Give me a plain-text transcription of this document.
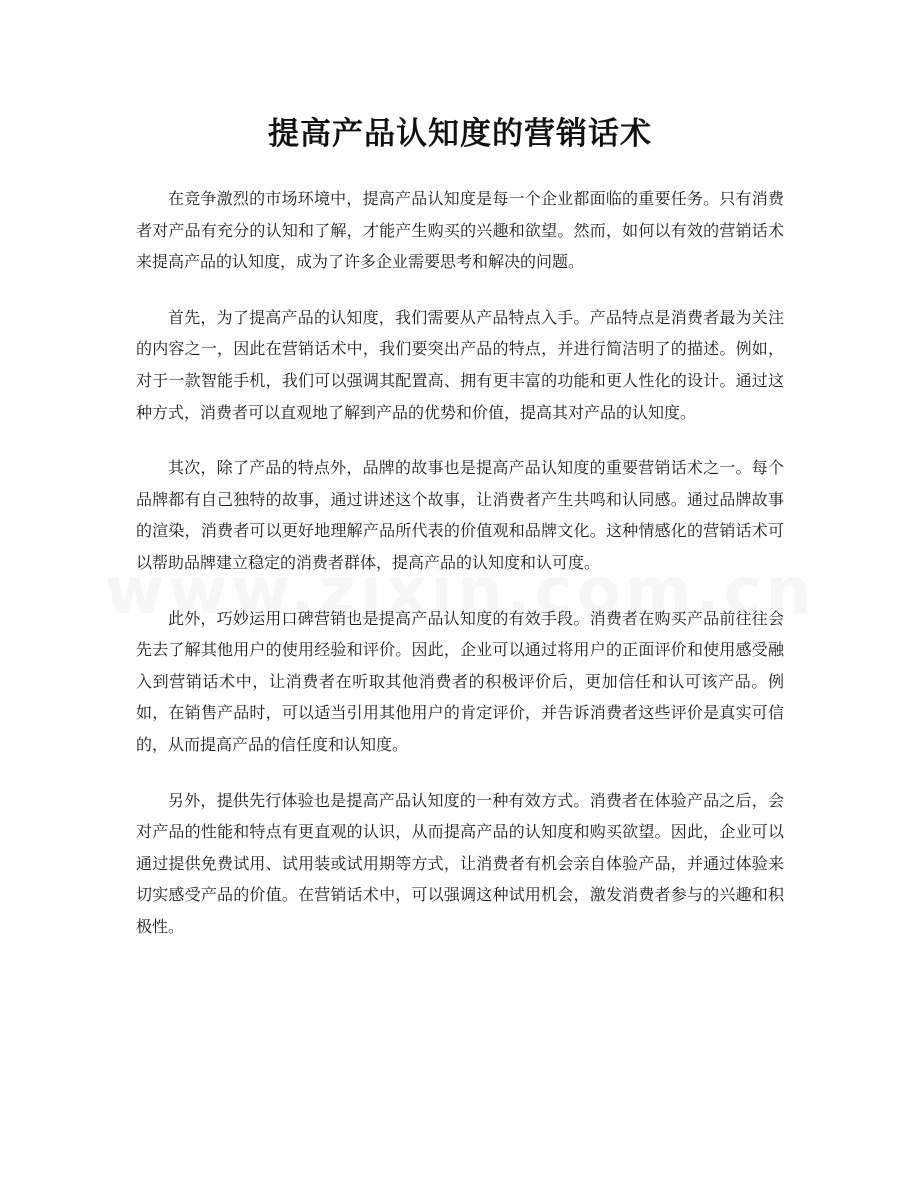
提高产品认知度的营销话术

在竞争激烈的市场环境中，提高产品认知度是每一个企业都面临的重要任务。只有消费者对产品有充分的认知和了解，才能产生购买的兴趣和欲望。然而，如何以有效的营销话术来提高产品的认知度，成为了许多企业需要思考和解决的问题。

首先，为了提高产品的认知度，我们需要从产品特点入手。产品特点是消费者最为关注的内容之一，因此在营销话术中，我们要突出产品的特点，并进行简洁明了的描述。例如，对于一款智能手机，我们可以强调其配置高、拥有更丰富的功能和更人性化的设计。通过这种方式，消费者可以直观地了解到产品的优势和价值，提高其对产品的认知度。

其次，除了产品的特点外，品牌的故事也是提高产品认知度的重要营销话术之一。每个品牌都有自己独特的故事，通过讲述这个故事，让消费者产生共鸣和认同感。通过品牌故事的渲染，消费者可以更好地理解产品所代表的价值观和品牌文化。这种情感化的营销话术可以帮助品牌建立稳定的消费者群体，提高产品的认知度和认可度。

此外，巧妙运用口碑营销也是提高产品认知度的有效手段。消费者在购买产品前往往会先去了解其他用户的使用经验和评价。因此，企业可以通过将用户的正面评价和使用感受融入到营销话术中，让消费者在听取其他消费者的积极评价后，更加信任和认可该产品。例如，在销售产品时，可以适当引用其他用户的肯定评价，并告诉消费者这些评价是真实可信的，从而提高产品的信任度和认知度。

另外，提供先行体验也是提高产品认知度的一种有效方式。消费者在体验产品之后，会对产品的性能和特点有更直观的认识，从而提高产品的认知度和购买欲望。因此，企业可以通过提供免费试用、试用装或试用期等方式，让消费者有机会亲自体验产品，并通过体验来切实感受产品的价值。在营销话术中，可以强调这种试用机会，激发消费者参与的兴趣和积极性。
